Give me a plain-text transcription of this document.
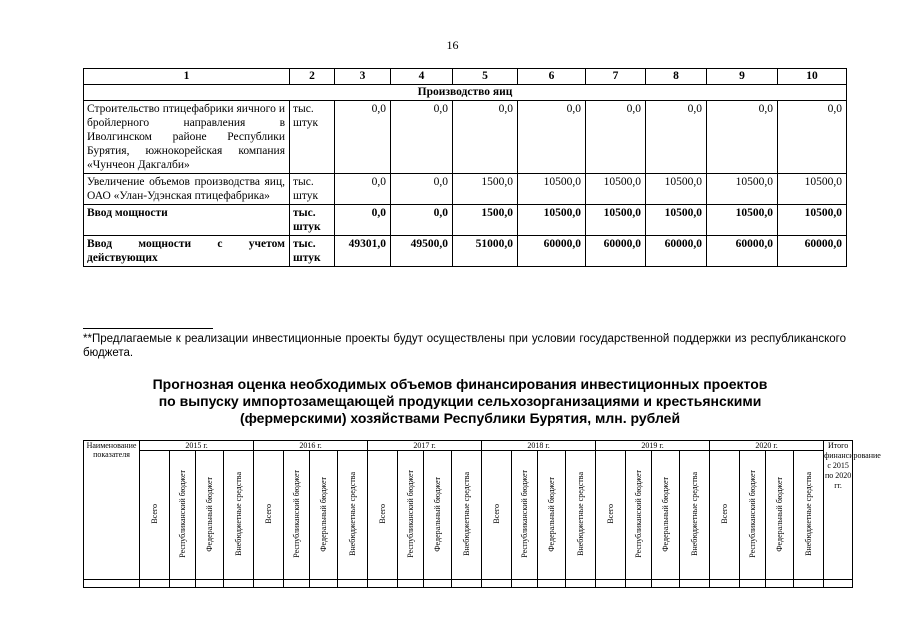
16
1	2	3	4	5	6	7	8	9	10
Производство яиц									
Строительство птицефабрики яичного и бройлерного направления в Иволгинском районе Республики Бурятия, южнокорейская компания «Чунчеон Дакгалби»	тыс. штук	0,0	0,0	0,0	0,0	0,0	0,0	0,0	0,0
Увеличение объемов производства яиц, ОАО «Улан-Удэнская птицефабрика»	тыс. штук	0,0	0,0	1500,0	10500,0	10500,0	10500,0	10500,0	10500,0
Ввод мощности	тыс. штук	0,0	0,0	1500,0	10500,0	10500,0	10500,0	10500,0	10500,0
Ввод мощности с учетом действующих	тыс. штук	49301,0	49500,0	51000,0	60000,0	60000,0	60000,0	60000,0	60000,0
**Предлагаемые к реализации инвестиционные проекты будут осуществлены при условии государственной поддержки из республиканского бюджета.
Прогнозная оценка необходимых объемов финансирования инвестиционных проектов
по выпуску импортозамещающей продукции сельхозорганизациями и крестьянскими
(фермерскими) хозяйствами Республики Бурятия, млн. рублей
Наименование показателя	2015 г.				2016 г.				2017 г.				2018 г.				2019 г.				2020 г.				Итого финансирование с 2015 по 2020 гг.
	Всего	Республиканский бюджет	Федеральный бюджет	Внебюджетные средства	Всего	Республиканский бюджет	Федеральный бюджет	Внебюджетные средства	Всего	Республиканский бюджет	Федеральный бюджет	Внебюджетные средства	Всего	Республиканский бюджет	Федеральный бюджет	Внебюджетные средства	Всего	Республиканский бюджет	Федеральный бюджет	Внебюджетные средства	Всего	Республиканский бюджет	Федеральный бюджет	Внебюджетные средства	
